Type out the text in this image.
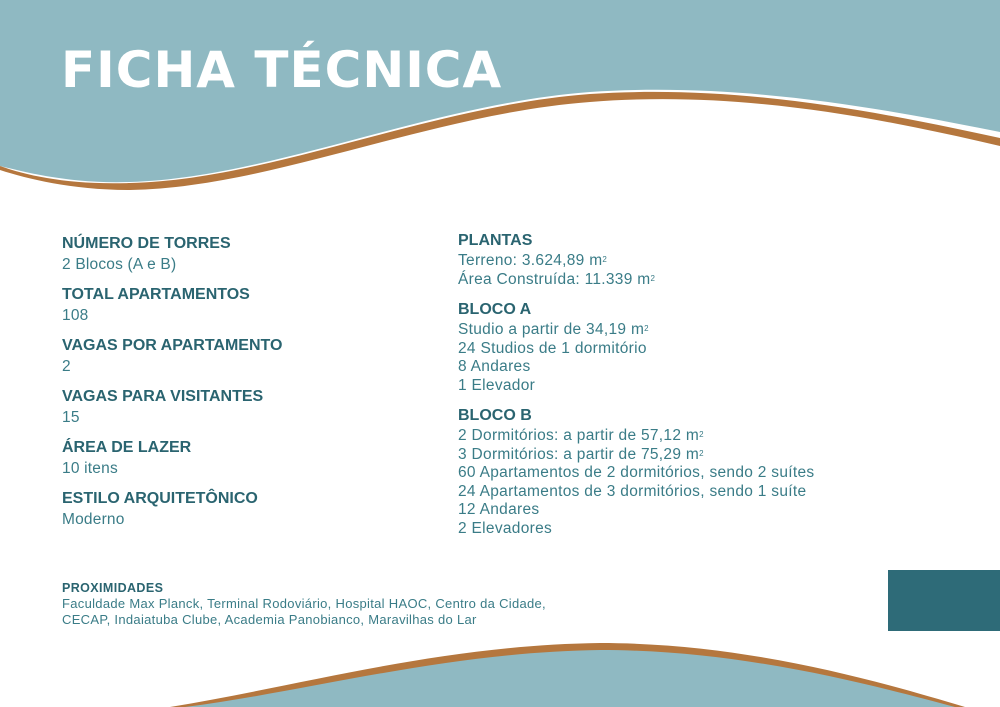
FICHA TÉCNICA
NÚMERO DE TORRES
2 Blocos (A e B)
TOTAL APARTAMENTOS
108
VAGAS POR APARTAMENTO
2
VAGAS PARA VISITANTES
15
ÁREA DE LAZER
10 itens
ESTILO ARQUITETÔNICO
Moderno
PLANTAS
Terreno: 3.624,89 $m^2$
Área Construída: 11.339 $m^2$
BLOCO A
Studio a partir de 34,19 $m^2$
24 Studios de 1 dormitório
8 Andares
1 Elevador
BLOCO B
2 Dormitórios: a partir de 57,12 $m^2$
3 Dormitórios: a partir de 75,29 $m^2$
60 Apartamentos de 2 dormitórios, sendo 2 suítes
24 Apartamentos de 3 dormitórios, sendo 1 suíte
12 Andares
2 Elevadores
PROXIMIDADES
Faculdade Max Planck, Terminal Rodoviário, Hospital HAOC, Centro da Cidade,
CECAP, Indaiatuba Clube, Academia Panobianco, Maravilhas do Lar
